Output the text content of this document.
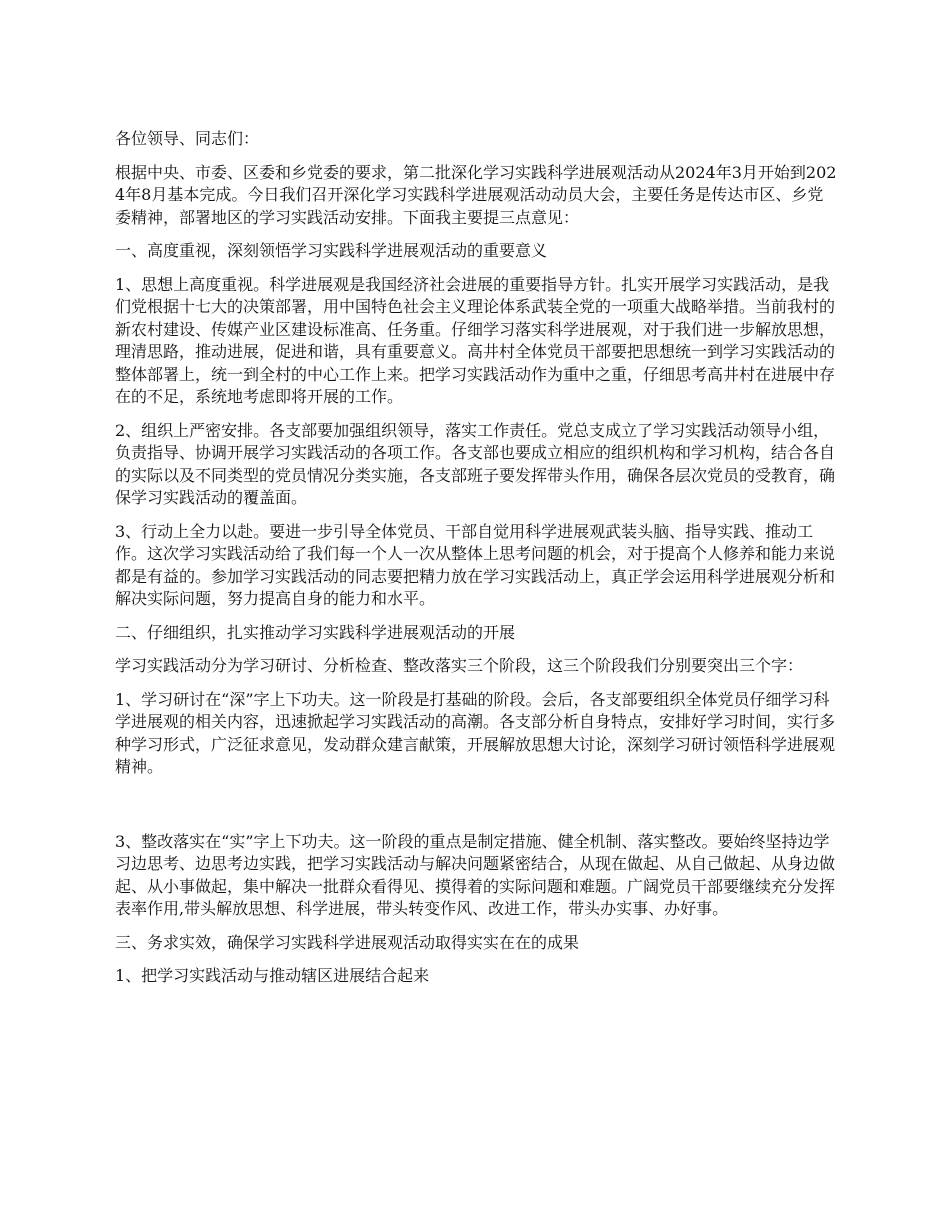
各位领导、同志们：

根据中央、市委、区委和乡党委的要求，第二批深化学习实践科学进展观活动从2024年3月开始到2024年8月基本完成。今日我们召开深化学习实践科学进展观活动动员大会，主要任务是传达市区、乡党委精神，部署地区的学习实践活动安排。下面我主要提三点意见：

一、高度重视，深刻领悟学习实践科学进展观活动的重要意义

1、思想上高度重视。科学进展观是我国经济社会进展的重要指导方针。扎实开展学习实践活动，是我们党根据十七大的决策部署，用中国特色社会主义理论体系武装全党的一项重大战略举措。当前我村的新农村建设、传媒产业区建设标准高、任务重。仔细学习落实科学进展观，对于我们进一步解放思想，理清思路，推动进展，促进和谐，具有重要意义。高井村全体党员干部要把思想统一到学习实践活动的整体部署上，统一到全村的中心工作上来。把学习实践活动作为重中之重，仔细思考高井村在进展中存在的不足，系统地考虑即将开展的工作。

2、组织上严密安排。各支部要加强组织领导，落实工作责任。党总支成立了学习实践活动领导小组，负责指导、协调开展学习实践活动的各项工作。各支部也要成立相应的组织机构和学习机构，结合各自的实际以及不同类型的党员情况分类实施，各支部班子要发挥带头作用，确保各层次党员的受教育，确保学习实践活动的覆盖面。

3、行动上全力以赴。要进一步引导全体党员、干部自觉用科学进展观武装头脑、指导实践、推动工作。这次学习实践活动给了我们每一个人一次从整体上思考问题的机会，对于提高个人修养和能力来说都是有益的。参加学习实践活动的同志要把精力放在学习实践活动上，真正学会运用科学进展观分析和解决实际问题，努力提高自身的能力和水平。

二、仔细组织，扎实推动学习实践科学进展观活动的开展

学习实践活动分为学习研讨、分析检查、整改落实三个阶段，这三个阶段我们分别要突出三个字：

1、学习研讨在“深”字上下功夫。这一阶段是打基础的阶段。会后，各支部要组织全体党员仔细学习科学进展观的相关内容，迅速掀起学习实践活动的高潮。各支部分析自身特点，安排好学习时间，实行多种学习形式，广泛征求意见，发动群众建言献策，开展解放思想大讨论，深刻学习研讨领悟科学进展观精神。

3、整改落实在“实”字上下功夫。这一阶段的重点是制定措施、健全机制、落实整改。要始终坚持边学习边思考、边思考边实践，把学习实践活动与解决问题紧密结合，从现在做起、从自己做起、从身边做起、从小事做起，集中解决一批群众看得见、摸得着的实际问题和难题。广阔党员干部要继续充分发挥表率作用,带头解放思想、科学进展，带头转变作风、改进工作，带头办实事、办好事。

三、务求实效，确保学习实践科学进展观活动取得实实在在的成果

1、把学习实践活动与推动辖区进展结合起来
